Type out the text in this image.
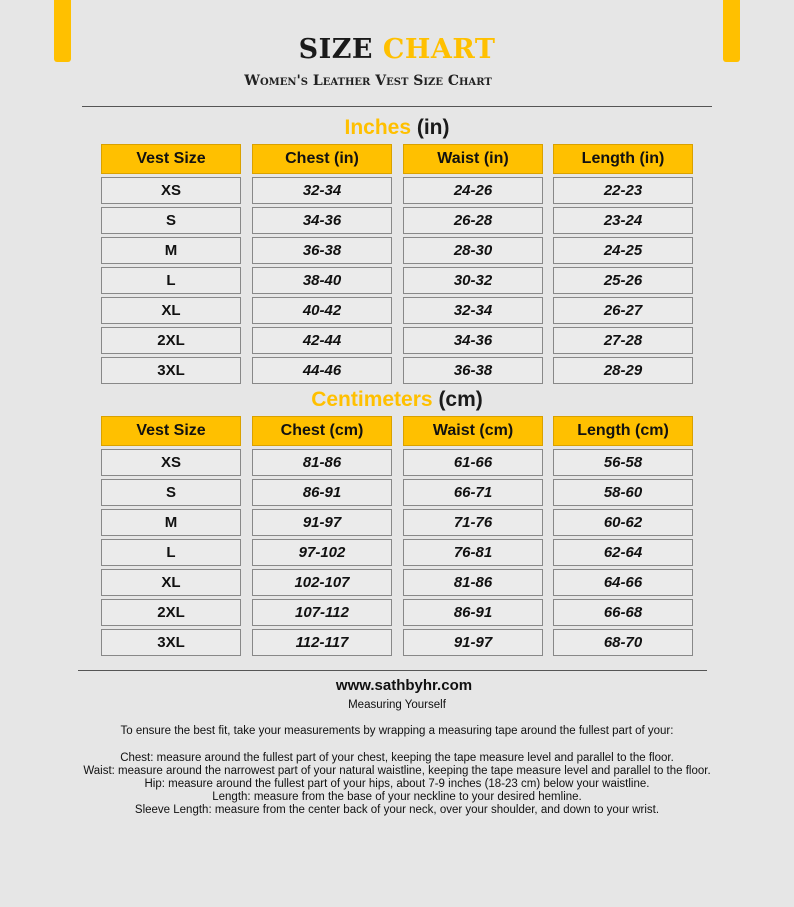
SIZE CHART
Women's Leather Vest Size Chart
Inches (in)
Vest Size
XS
S
M
L
XL
2XL
3XL
Chest (in)
32-34
34-36
36-38
38-40
40-42
42-44
44-46
Waist (in)
24-26
26-28
28-30
30-32
32-34
34-36
36-38
Length (in)
22-23
23-24
24-25
25-26
26-27
27-28
28-29
Centimeters (cm)
Vest Size
XS
S
M
L
XL
2XL
3XL
Chest (cm)
81-86
86-91
91-97
97-102
102-107
107-112
112-117
Waist (cm)
61-66
66-71
71-76
76-81
81-86
86-91
91-97
Length (cm)
56-58
58-60
60-62
62-64
64-66
66-68
68-70
www.sathbyhr.com
Measuring Yourself
To ensure the best fit, take your measurements by wrapping a measuring tape around the fullest part of your:
Chest: measure around the fullest part of your chest, keeping the tape measure level and parallel to the floor.
Waist: measure around the narrowest part of your natural waistline, keeping the tape measure level and parallel to the floor.
Hip: measure around the fullest part of your hips, about 7-9 inches (18-23 cm) below your waistline.
Length: measure from the base of your neckline to your desired hemline.
Sleeve Length: measure from the center back of your neck, over your shoulder, and down to your wrist.
